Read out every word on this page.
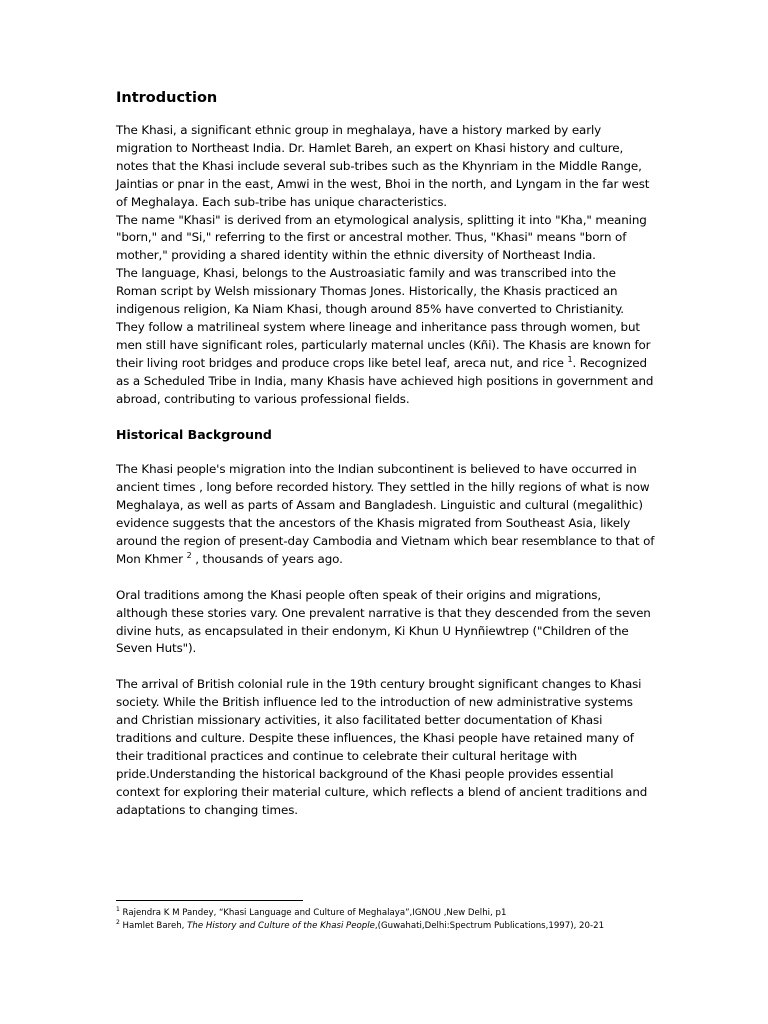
Introduction

The Khasi, a significant ethnic group in meghalaya, have a history marked by early migration to Northeast India. Dr. Hamlet Bareh, an expert on Khasi history and culture, notes that the Khasi include several sub-tribes such as the Khynriam in the Middle Range, Jaintias or pnar in the east, Amwi in the west, Bhoi in the north, and Lyngam in the far west of Meghalaya. Each sub-tribe has unique characteristics.

The name "Khasi" is derived from an etymological analysis, splitting it into "Kha," meaning "born," and "Si," referring to the first or ancestral mother. Thus, "Khasi" means "born of mother," providing a shared identity within the ethnic diversity of Northeast India.

The language, Khasi, belongs to the Austroasiatic family and was transcribed into the Roman script by Welsh missionary Thomas Jones. Historically, the Khasis practiced an indigenous religion, Ka Niam Khasi, though around 85% have converted to Christianity. They follow a matrilineal system where lineage and inheritance pass through women, but men still have significant roles, particularly maternal uncles (Kñi). The Khasis are known for their living root bridges and produce crops like betel leaf, areca nut, and rice $^1$. Recognized as a Scheduled Tribe in India, many Khasis have achieved high positions in government and abroad, contributing to various professional fields.

Historical Background

The Khasi people's migration into the Indian subcontinent is believed to have occurred in ancient times , long before recorded history. They settled in the hilly regions of what is now Meghalaya, as well as parts of Assam and Bangladesh. Linguistic and cultural (megalithic) evidence suggests that the ancestors of the Khasis migrated from Southeast Asia, likely around the region of present-day Cambodia and Vietnam which bear resemblance to that of Mon Khmer $^2$ , thousands of years ago.

Oral traditions among the Khasi people often speak of their origins and migrations, although these stories vary. One prevalent narrative is that they descended from the seven divine huts, as encapsulated in their endonym, Ki Khun U Hynñiewtrep ("Children of the Seven Huts").

The arrival of British colonial rule in the 19th century brought significant changes to Khasi society. While the British influence led to the introduction of new administrative systems and Christian missionary activities, it also facilitated better documentation of Khasi traditions and culture. Despite these influences, the Khasi people have retained many of their traditional practices and continue to celebrate their cultural heritage with pride.Understanding the historical background of the Khasi people provides essential context for exploring their material culture, which reflects a blend of ancient traditions and adaptations to changing times.

$^1$ Rajendra K M Pandey, “Khasi Language and Culture of Meghalaya”,IGNOU ,New Delhi, p1

$^2$ Hamlet Bareh, The History and Culture of the Khasi People,(Guwahati,Delhi:Spectrum Publications,1997), 20-21
